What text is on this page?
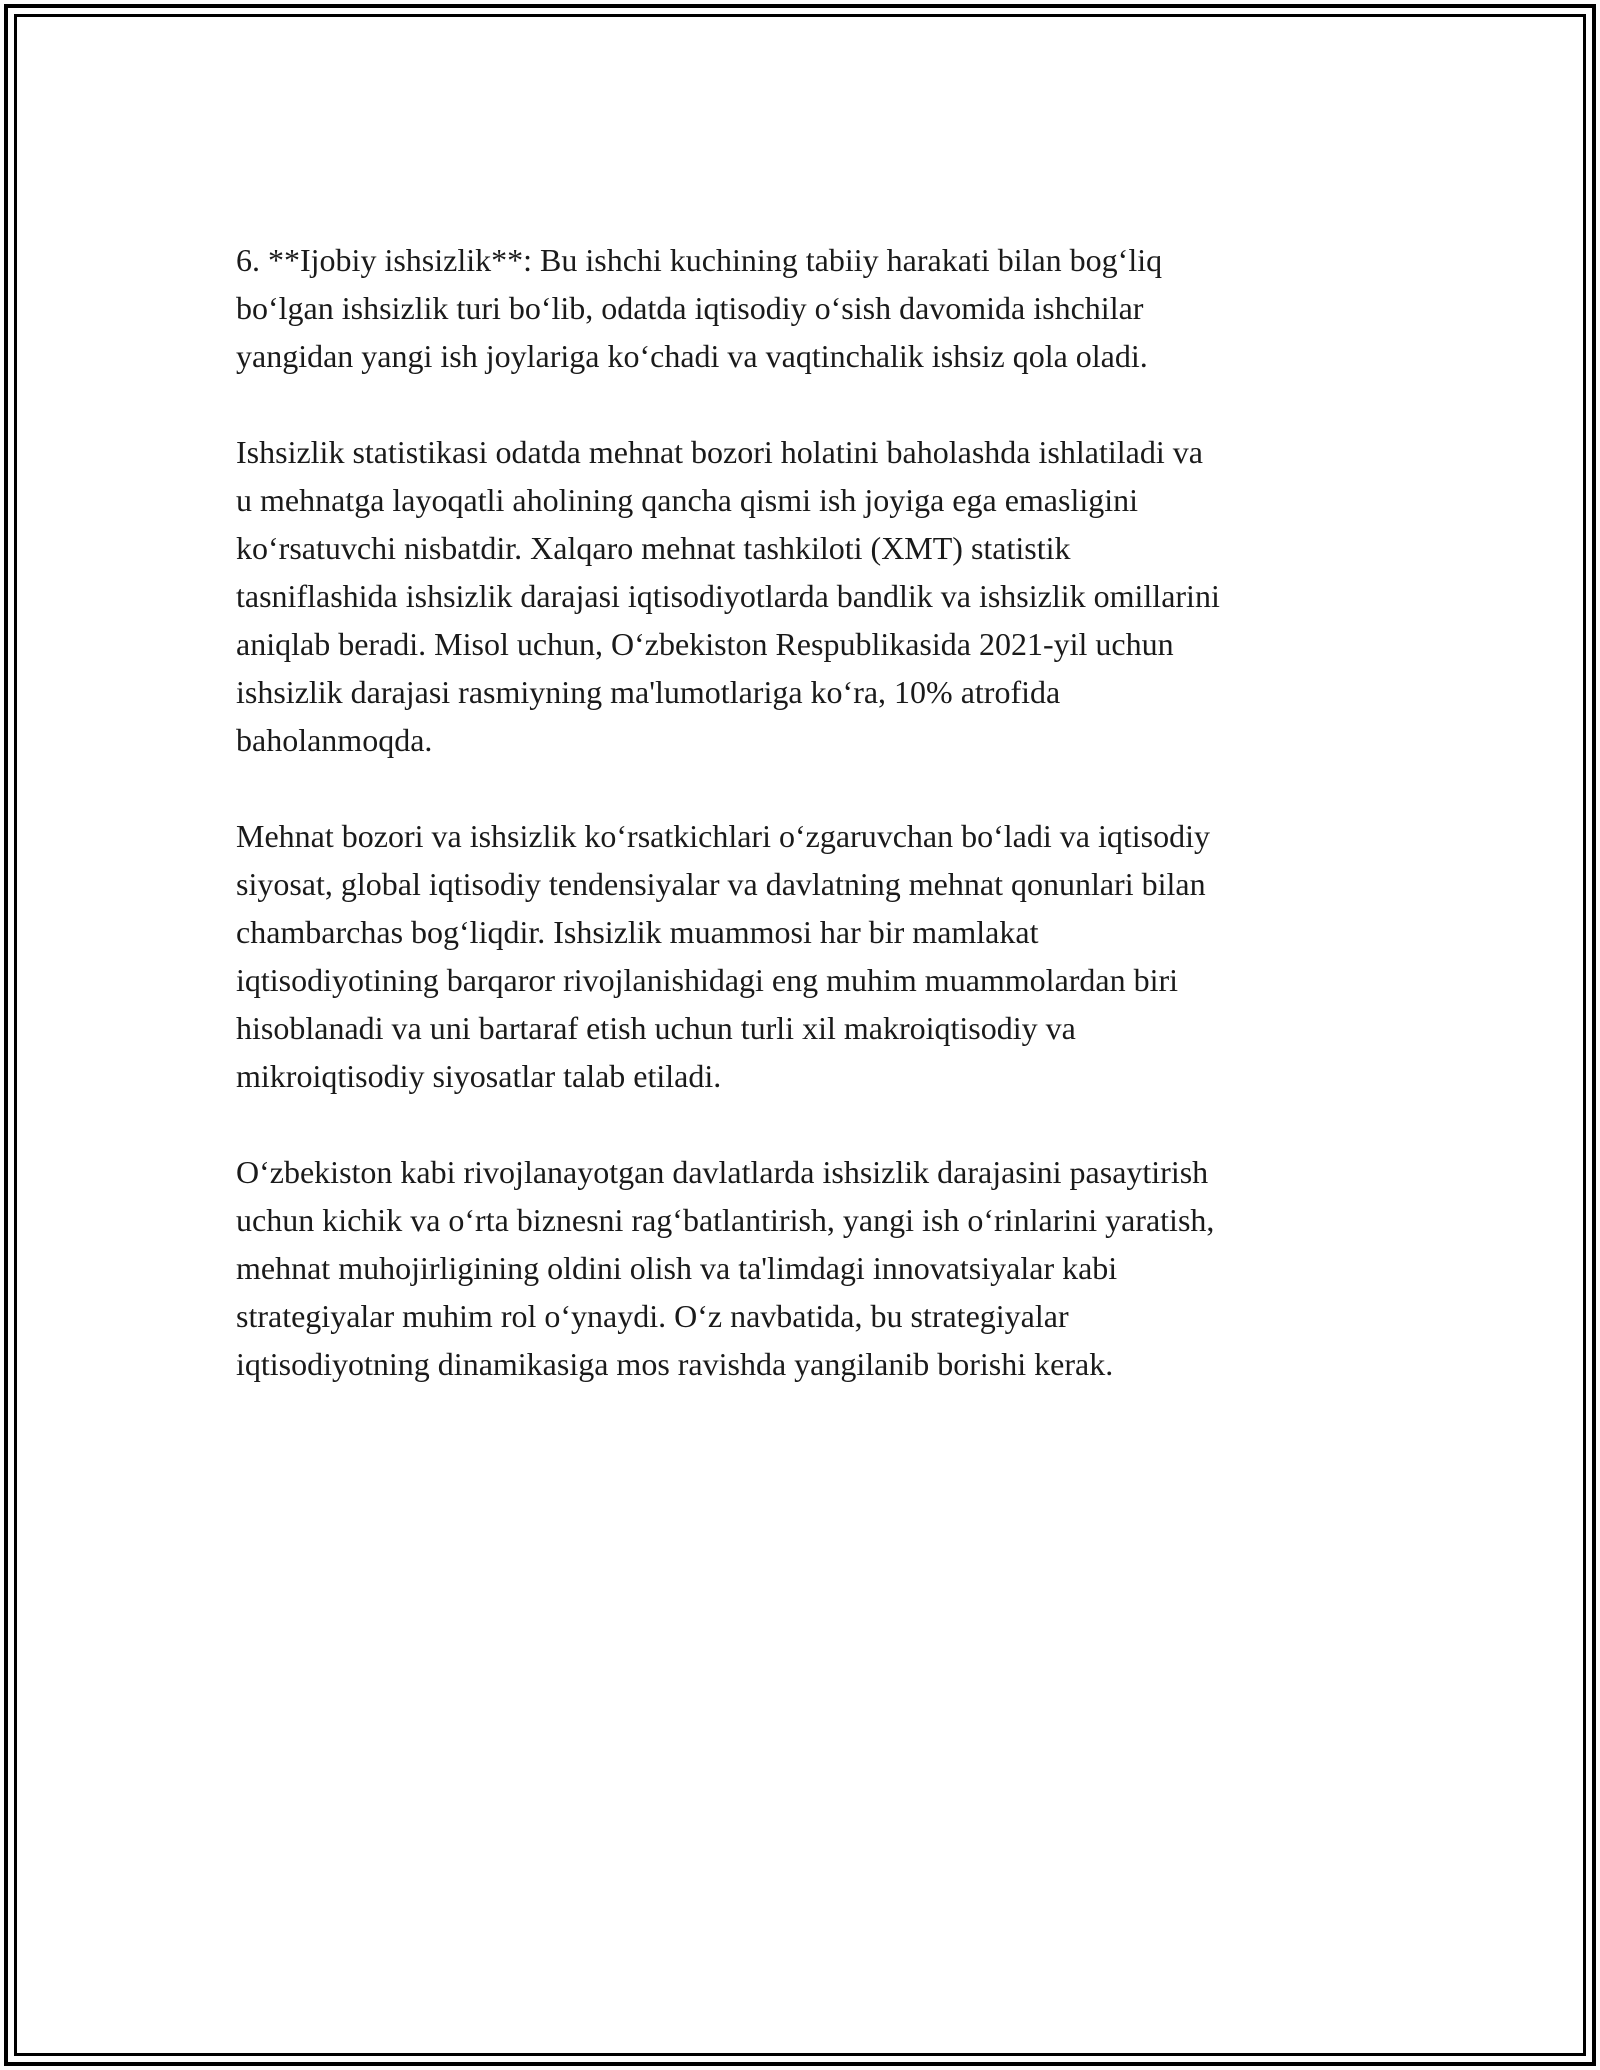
6. **Ijobiy ishsizlik**: Bu ishchi kuchining tabiiy harakati bilan bog‘liq
bo‘lgan ishsizlik turi bo‘lib, odatda iqtisodiy o‘sish davomida ishchilar
yangidan yangi ish joylariga ko‘chadi va vaqtinchalik ishsiz qola oladi.

Ishsizlik statistikasi odatda mehnat bozori holatini baholashda ishlatiladi va
u mehnatga layoqatli aholining qancha qismi ish joyiga ega emasligini
ko‘rsatuvchi nisbatdir. Xalqaro mehnat tashkiloti (XMT) statistik
tasniflashida ishsizlik darajasi iqtisodiyotlarda bandlik va ishsizlik omillarini
aniqlab beradi. Misol uchun, O‘zbekiston Respublikasida 2021-yil uchun
ishsizlik darajasi rasmiyning ma'lumotlariga ko‘ra, 10% atrofida
baholanmoqda.

Mehnat bozori va ishsizlik ko‘rsatkichlari o‘zgaruvchan bo‘ladi va iqtisodiy
siyosat, global iqtisodiy tendensiyalar va davlatning mehnat qonunlari bilan
chambarchas bog‘liqdir. Ishsizlik muammosi har bir mamlakat
iqtisodiyotining barqaror rivojlanishidagi eng muhim muammolardan biri
hisoblanadi va uni bartaraf etish uchun turli xil makroiqtisodiy va
mikroiqtisodiy siyosatlar talab etiladi.

O‘zbekiston kabi rivojlanayotgan davlatlarda ishsizlik darajasini pasaytirish
uchun kichik va o‘rta biznesni rag‘batlantirish, yangi ish o‘rinlarini yaratish,
mehnat muhojirligining oldini olish va ta'limdagi innovatsiyalar kabi
strategiyalar muhim rol o‘ynaydi. O‘z navbatida, bu strategiyalar
iqtisodiyotning dinamikasiga mos ravishda yangilanib borishi kerak.
